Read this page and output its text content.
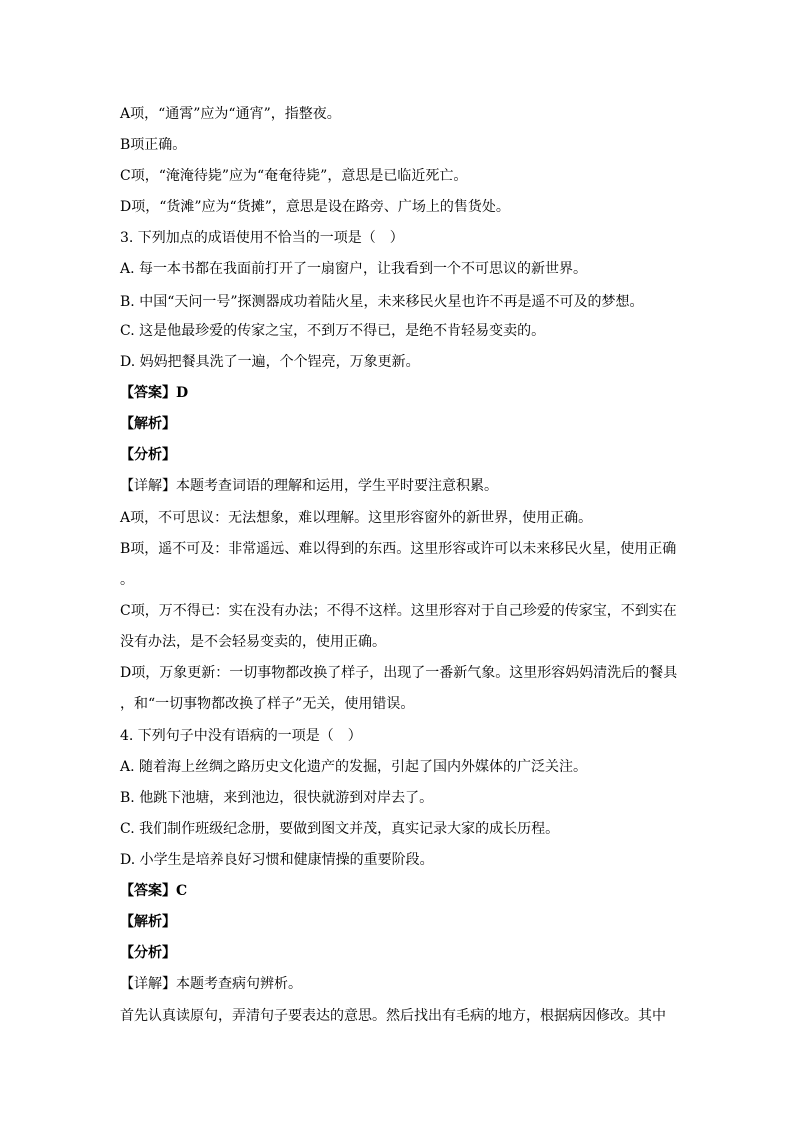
A项，“通霄”应为“通宵”，指整夜。
B项正确。
C项，“淹淹待毙”应为“奄奄待毙”，意思是已临近死亡。
D项，“货滩”应为“货摊”，意思是设在路旁、广场上的售货处。
3. 下列加点的成语使用不恰当的一项是（　）
A. 每一本书都在我面前打开了一扇窗户，让我看到一个不可思议的新世界。
B. 中国“天问一号”探测器成功着陆火星，未来移民火星也许不再是遥不可及的梦想。
C. 这是他最珍爱的传家之宝，不到万不得已，是绝不肯轻易变卖的。
D. 妈妈把餐具洗了一遍，个个锃亮，万象更新。
【答案】D
【解析】
【分析】
【详解】本题考查词语的理解和运用，学生平时要注意积累。
A项，不可思议：无法想象，难以理解。这里形容窗外的新世界，使用正确。
B项，遥不可及：非常遥远、难以得到的东西。这里形容或许可以未来移民火星，使用正确
。
C项，万不得已：实在没有办法；不得不这样。这里形容对于自己珍爱的传家宝，不到实在
没有办法，是不会轻易变卖的，使用正确。
D项，万象更新：一切事物都改换了样子，出现了一番新气象。这里形容妈妈清洗后的餐具
，和“一切事物都改换了样子”无关，使用错误。
4. 下列句子中没有语病的一项是（　）
A. 随着海上丝绸之路历史文化遗产的发掘，引起了国内外媒体的广泛关注。
B. 他跳下池塘，来到池边，很快就游到对岸去了。
C. 我们制作班级纪念册，要做到图文并茂，真实记录大家的成长历程。
D. 小学生是培养良好习惯和健康情操的重要阶段。
【答案】C
【解析】
【分析】
【详解】本题考查病句辨析。
首先认真读原句，弄清句子要表达的意思。然后找出有毛病的地方，根据病因修改。其中
